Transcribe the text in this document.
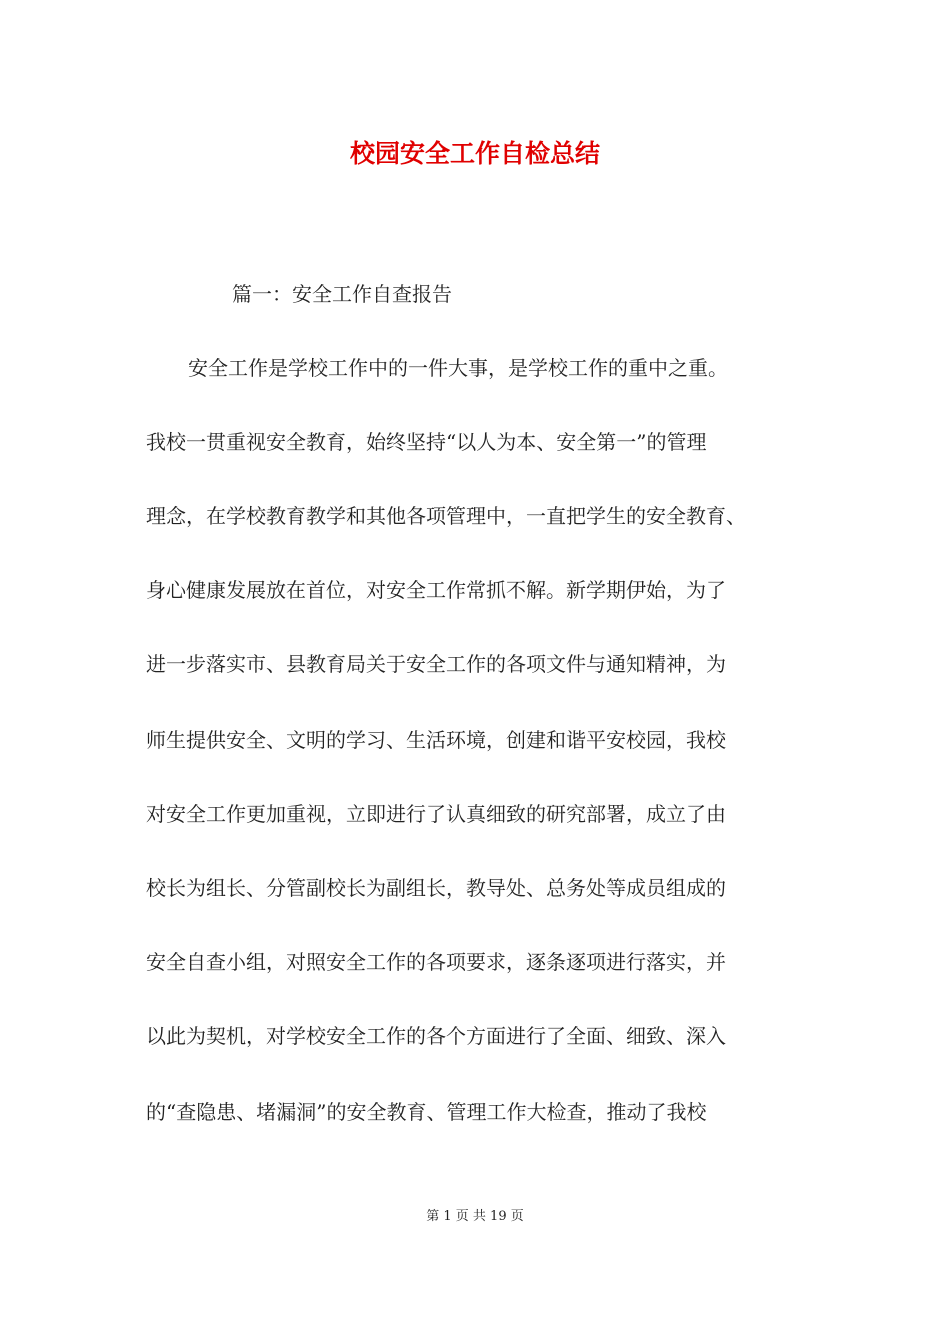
校园安全工作自检总结
篇一：安全工作自查报告
安全工作是学校工作中的一件大事，是学校工作的重中之重。
我校一贯重视安全教育，始终坚持“以人为本、安全第一”的管理
理念，在学校教育教学和其他各项管理中，一直把学生的安全教育、
身心健康发展放在首位，对安全工作常抓不解。新学期伊始，为了
进一步落实市、县教育局关于安全工作的各项文件与通知精神，为
师生提供安全、文明的学习、生活环境，创建和谐平安校园，我校
对安全工作更加重视，立即进行了认真细致的研究部署，成立了由
校长为组长、分管副校长为副组长，教导处、总务处等成员组成的
安全自查小组，对照安全工作的各项要求，逐条逐项进行落实，并
以此为契机，对学校安全工作的各个方面进行了全面、细致、深入
的“查隐患、堵漏洞”的安全教育、管理工作大检查，推动了我校
第 1 页 共 19 页
